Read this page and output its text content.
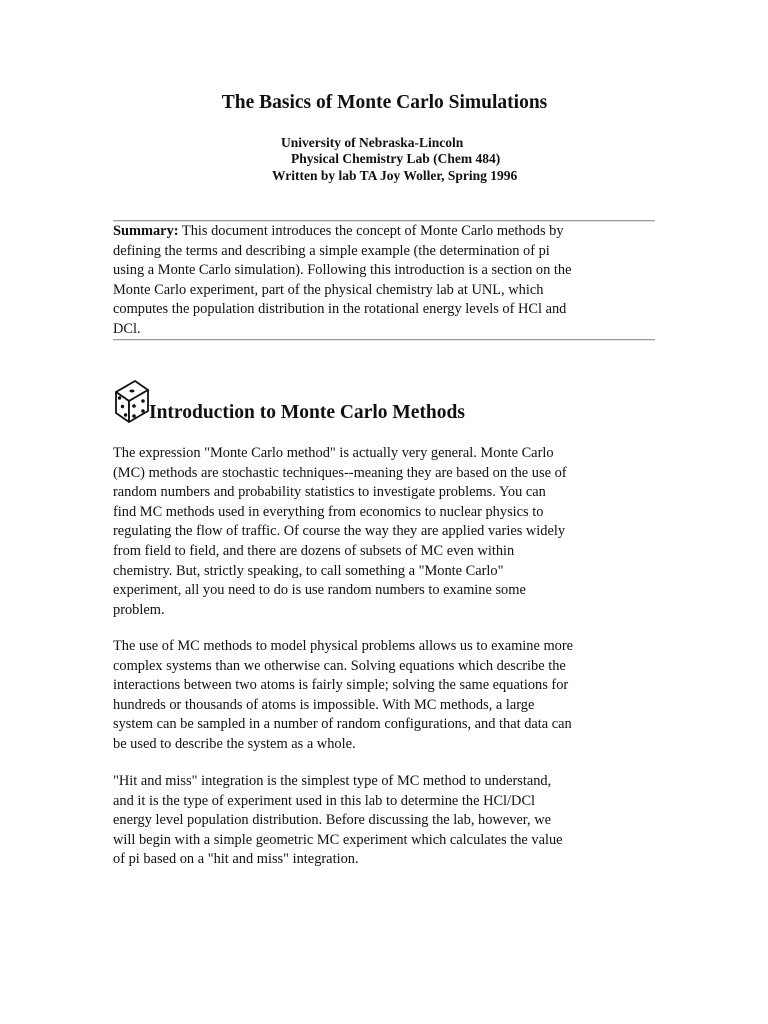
The Basics of Monte Carlo Simulations

University of Nebraska-Lincoln

Physical Chemistry Lab (Chem 484)

Written by lab TA Joy Woller, Spring 1996

Summary: This document introduces the concept of Monte Carlo methods by
defining the terms and describing a simple example (the determination of pi
using a Monte Carlo simulation). Following this introduction is a section on the
Monte Carlo experiment, part of the physical chemistry lab at UNL, which
computes the population distribution in the rotational energy levels of HCl and
DCl.

Introduction to Monte Carlo Methods

The expression "Monte Carlo method" is actually very general. Monte Carlo
(MC) methods are stochastic techniques--meaning they are based on the use of
random numbers and probability statistics to investigate problems. You can
find MC methods used in everything from economics to nuclear physics to
regulating the flow of traffic. Of course the way they are applied varies widely
from field to field, and there are dozens of subsets of MC even within
chemistry. But, strictly speaking, to call something a "Monte Carlo"
experiment, all you need to do is use random numbers to examine some
problem.

The use of MC methods to model physical problems allows us to examine more
complex systems than we otherwise can. Solving equations which describe the
interactions between two atoms is fairly simple; solving the same equations for
hundreds or thousands of atoms is impossible. With MC methods, a large
system can be sampled in a number of random configurations, and that data can
be used to describe the system as a whole.

"Hit and miss" integration is the simplest type of MC method to understand,
and it is the type of experiment used in this lab to determine the HCl/DCl
energy level population distribution. Before discussing the lab, however, we
will begin with a simple geometric MC experiment which calculates the value
of pi based on a "hit and miss" integration.
